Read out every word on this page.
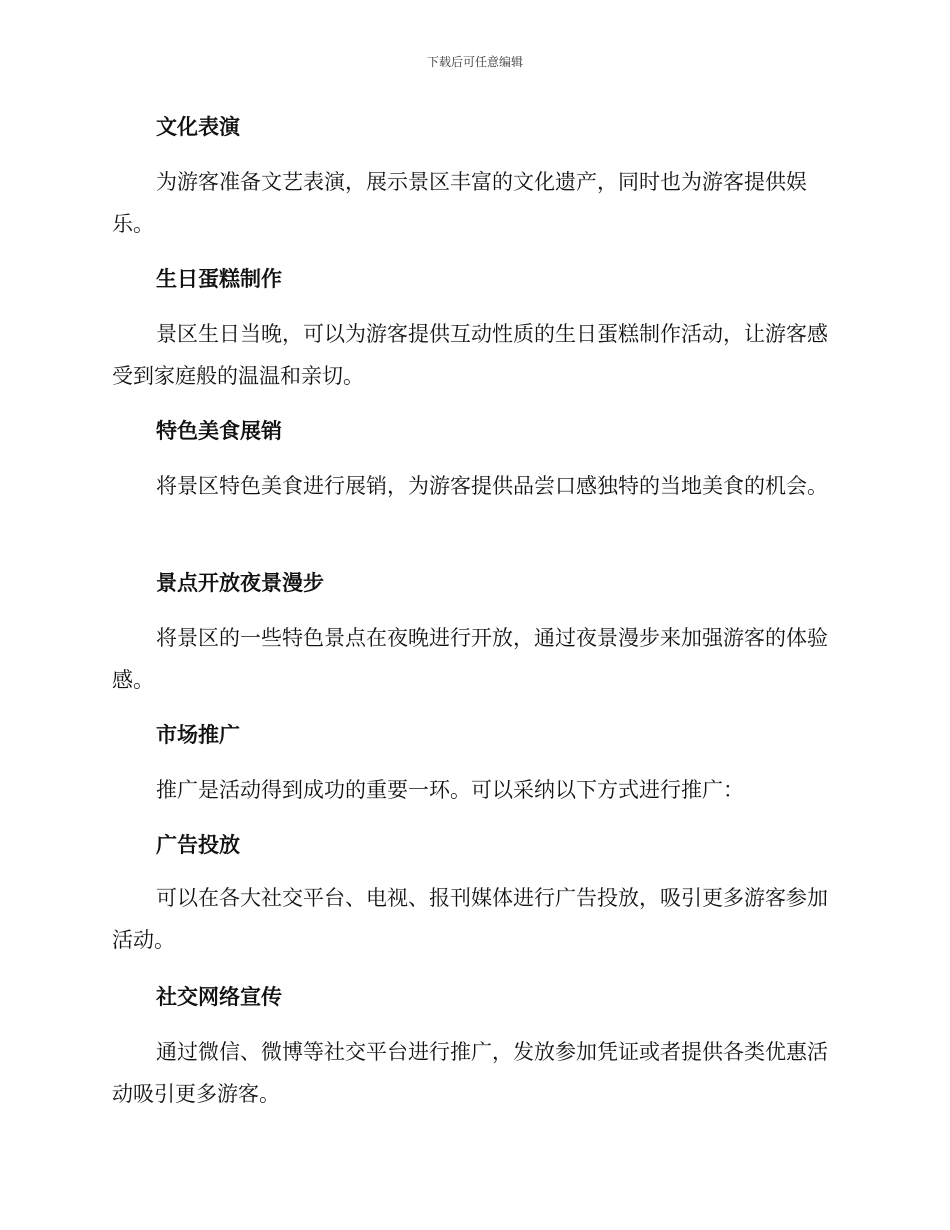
下载后可任意编辑
文化表演
为游客准备文艺表演，展示景区丰富的文化遗产，同时也为游客提供娱乐。
生日蛋糕制作
景区生日当晚，可以为游客提供互动性质的生日蛋糕制作活动，让游客感受到家庭般的温温和亲切。
特色美食展销
将景区特色美食进行展销，为游客提供品尝口感独特的当地美食的机会。
景点开放夜景漫步
将景区的一些特色景点在夜晚进行开放，通过夜景漫步来加强游客的体验感。
市场推广
推广是活动得到成功的重要一环。可以采纳以下方式进行推广：
广告投放
可以在各大社交平台、电视、报刊媒体进行广告投放，吸引更多游客参加活动。
社交网络宣传
通过微信、微博等社交平台进行推广，发放参加凭证或者提供各类优惠活动吸引更多游客。
